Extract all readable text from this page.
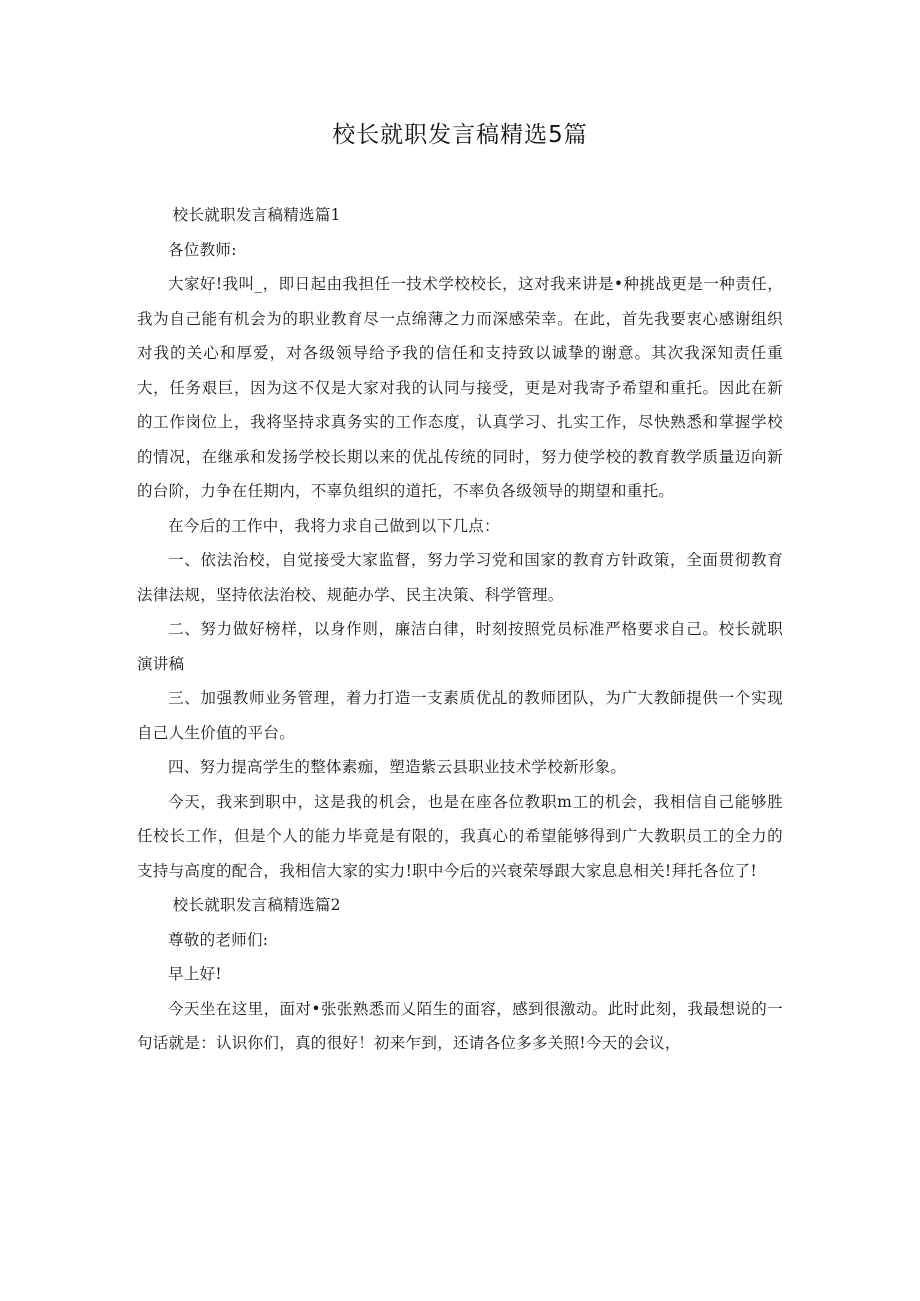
校长就职发言稿精选5篇

校长就职发言稿精选篇1

各位教师:

大家好!我叫_，即日起由我担任一技术学校校长，这对我来讲是•种挑战更是一种责任，我为自己能有机会为的职业教育尽一点绵薄之力而深感荣幸。在此，首先我要衷心感谢组织对我的关心和厚爱，对各级领导给予我的信任和支持致以诚挚的谢意。其次我深知责任重大，任务艰巨，因为这不仅是大家对我的认同与接受，更是对我寄予希望和重托。因此在新的工作岗位上，我将坚持求真务实的工作态度，认真学习、扎实工作，尽快熟悉和掌握学校的情况，在继承和发扬学校长期以来的优乩传统的同时，努力使学校的教育教学质量迈向新的台阶，力争在任期内，不辜负组织的道托，不率负各级领导的期望和重托。

在今后的工作中，我将力求自己做到以下几点：

一、依法治校，自觉接受大家监督，努力学习党和国家的教育方针政策，全面贯彻教育法律法规，坚持依法治校、规葩办学、民主决策、科学管理。

二、努力做好榜样，以身作则，廉洁白律，时刻按照党员标准严格要求自己。校长就职演讲稿

三、加强教师业务管理，着力打造一支素质优乩的教师团队，为广大教師提供一个实现自己人生价值的平台。

四、努力提高学生的整体素痂，塑造紫云县职业技术学校新形象。

今天，我来到职中，这是我的机会，也是在座各位教职m工的机会，我相信自己能够胜任校长工作，但是个人的能力毕竟是有限的，我真心的希望能够得到广大教职员工的全力的支持与高度的配合，我相信大家的实力!职中今后的兴衰荣辱跟大家息息相关!拜托各位了!

校长就职发言稿精选篇2

尊敬的老师们:

早上好!

今天坐在这里，面对•张张熟悉而乂陌生的面容，感到很激动。此时此刻，我最想说的一句话就是：认识你们，真的很好！初来乍到，还请各位多多关照!今天的会议，
